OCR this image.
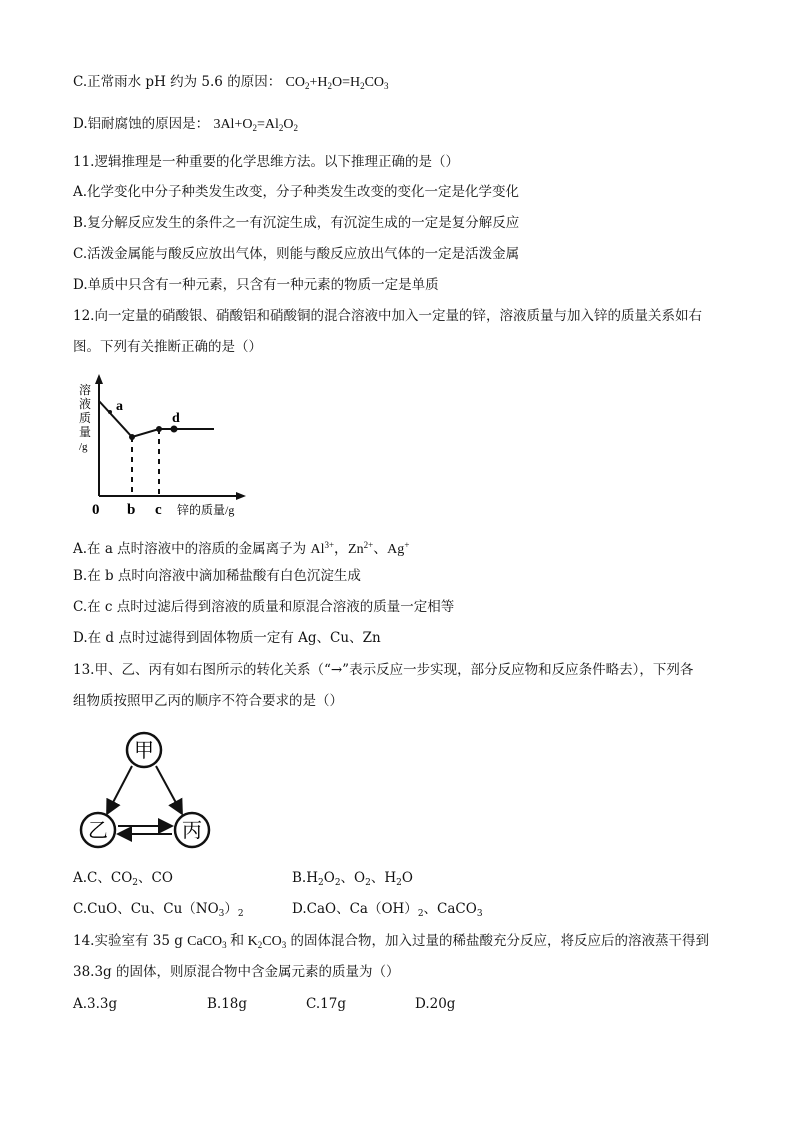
C.正常雨水 pH 约为 5.6 的原因： $CO_2+H_2O=H_2CO_3$
D.铝耐腐蚀的原因是： $3Al+O_2=Al_2O_2$
11.逻辑推理是一种重要的化学思维方法。以下推理正确的是（）
A.化学变化中分子种类发生改变，分子种类发生改变的变化一定是化学变化
B.复分解反应发生的条件之一有沉淀生成，有沉淀生成的一定是复分解反应
C.活泼金属能与酸反应放出气体，则能与酸反应放出气体的一定是活泼金属
D.单质中只含有一种元素，只含有一种元素的物质一定是单质
12.向一定量的硝酸银、硝酸铝和硝酸铜的混合溶液中加入一定量的锌，溶液质量与加入锌的质量关系如右
图。下列有关推断正确的是（）
溶
液
质
量
/g
a
d
0 b c 锌的质量/g
A.在 a 点时溶液中的溶质的金属离子为 $Al^{3+}$，$Zn^{2+}$、Ag+
B.在 b 点时向溶液中滴加稀盐酸有白色沉淀生成
C.在 c 点时过滤后得到溶液的质量和原混合溶液的质量一定相等
D.在 d 点时过滤得到固体物质一定有 Ag、Cu、Zn
13.甲、乙、丙有如右图所示的转化关系（“→”表示反应一步实现，部分反应物和反应条件略去），下列各
组物质按照甲乙丙的顺序不符合要求的是（）
甲
乙	丙
A.C、$CO_2$、CO	$B.H_2O_2$、$O_2$、$H_2O$
C.CuO、Cu、$Cu(NO_3)_2$	D.CaO、$Ca(OH)_2$、CaCO$_3$
14.实验室有 35 g CaCO$_3$ 和 $K_2CO_3$ 的固体混合物，加入过量的稀盐酸充分反应，将反应后的溶液蒸干得到
38.3g 的固体，则原混合物中含金属元素的质量为（）
A.3.3g	B.18g	C.17g	D.20g
